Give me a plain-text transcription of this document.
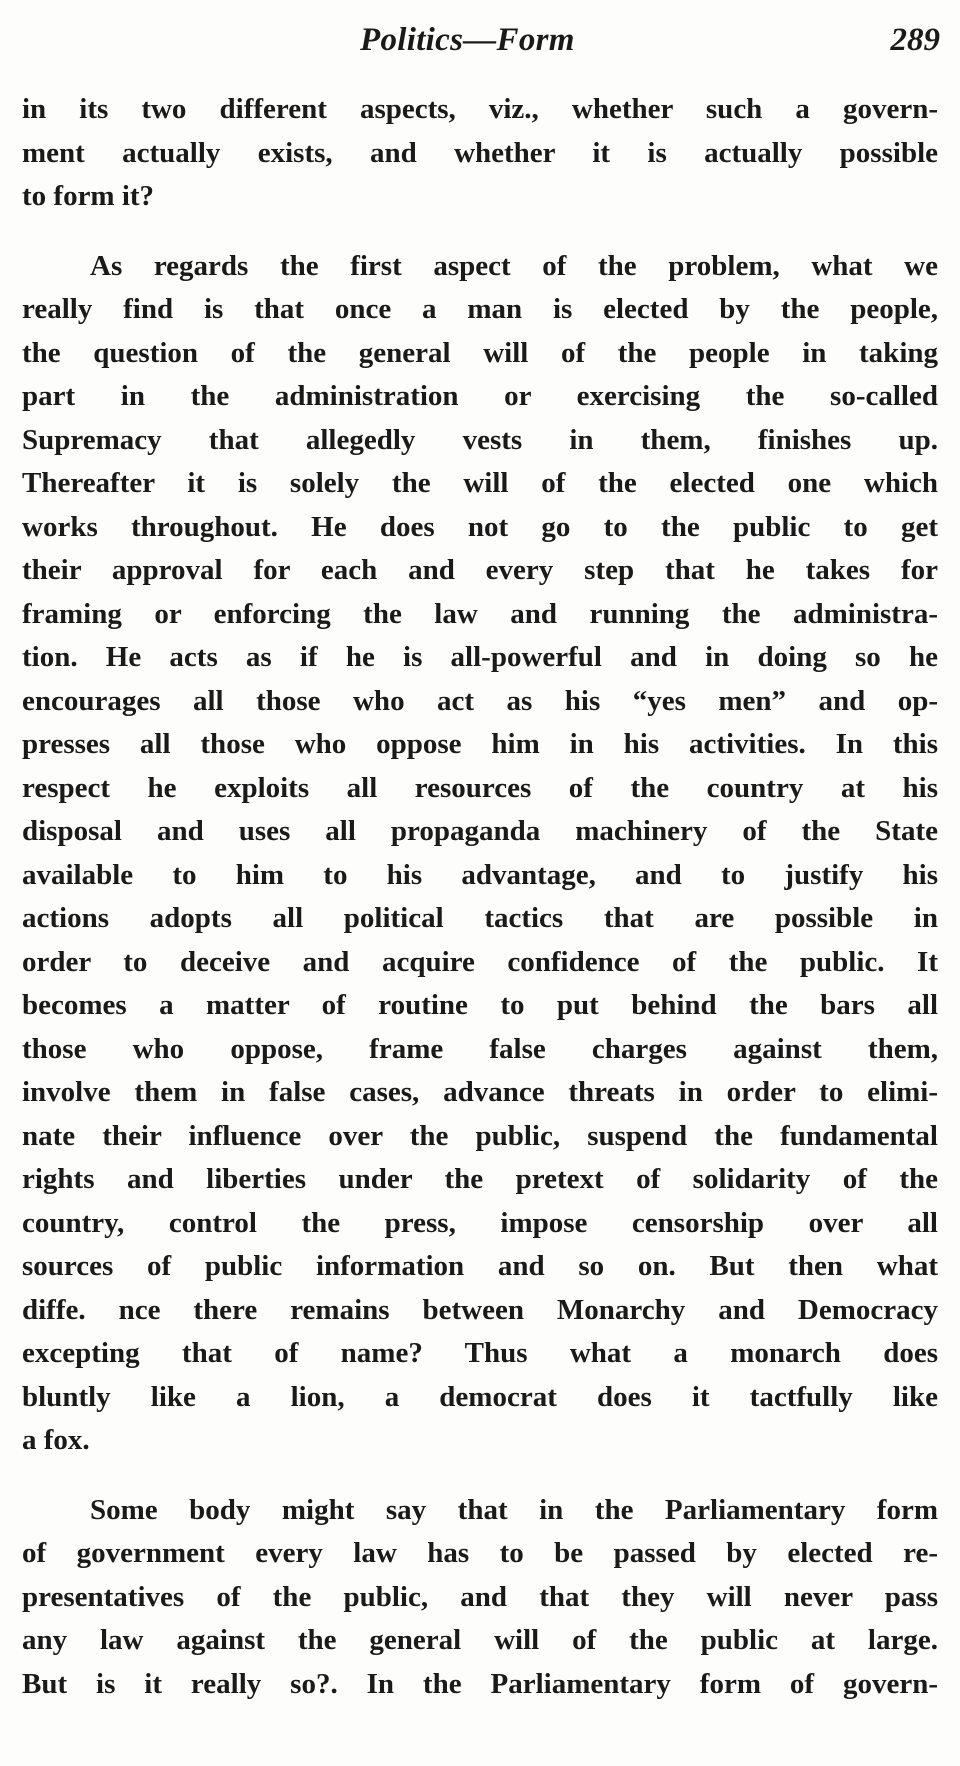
Politics—Form	289
in its two different aspects, viz., whether such a govern-
ment actually exists, and whether it is actually possible
to form it?
As regards the first aspect of the problem, what we
really find is that once a man is elected by the people,
the question of the general will of the people in taking
part in the administration or exercising the so-called
Supremacy that allegedly vests in them, finishes up.
Thereafter it is solely the will of the elected one which
works throughout. He does not go to the public to get
their approval for each and every step that he takes for
framing or enforcing the law and running the administra-
tion. He acts as if he is all-powerful and in doing so he
encourages all those who act as his “yes men” and op-
presses all those who oppose him in his activities. In this
respect he exploits all resources of the country at his
disposal and uses all propaganda machinery of the State
available to him to his advantage, and to justify his
actions adopts all political tactics that are possible in
order to deceive and acquire confidence of the public. It
becomes a matter of routine to put behind the bars all
those who oppose, frame false charges against them,
involve them in false cases, advance threats in order to elimi-
nate their influence over the public, suspend the fundamental
rights and liberties under the pretext of solidarity of the
country, control the press, impose censorship over all
sources of public information and so on. But then what
diffe. nce there remains between Monarchy and Democracy
excepting that of name? Thus what a monarch does
bluntly like a lion, a democrat does it tactfully like
a fox.
Some body might say that in the Parliamentary form
of government every law has to be passed by elected re-
presentatives of the public, and that they will never pass
any law against the general will of the public at large.
But is it really so?. In the Parliamentary form of govern-
